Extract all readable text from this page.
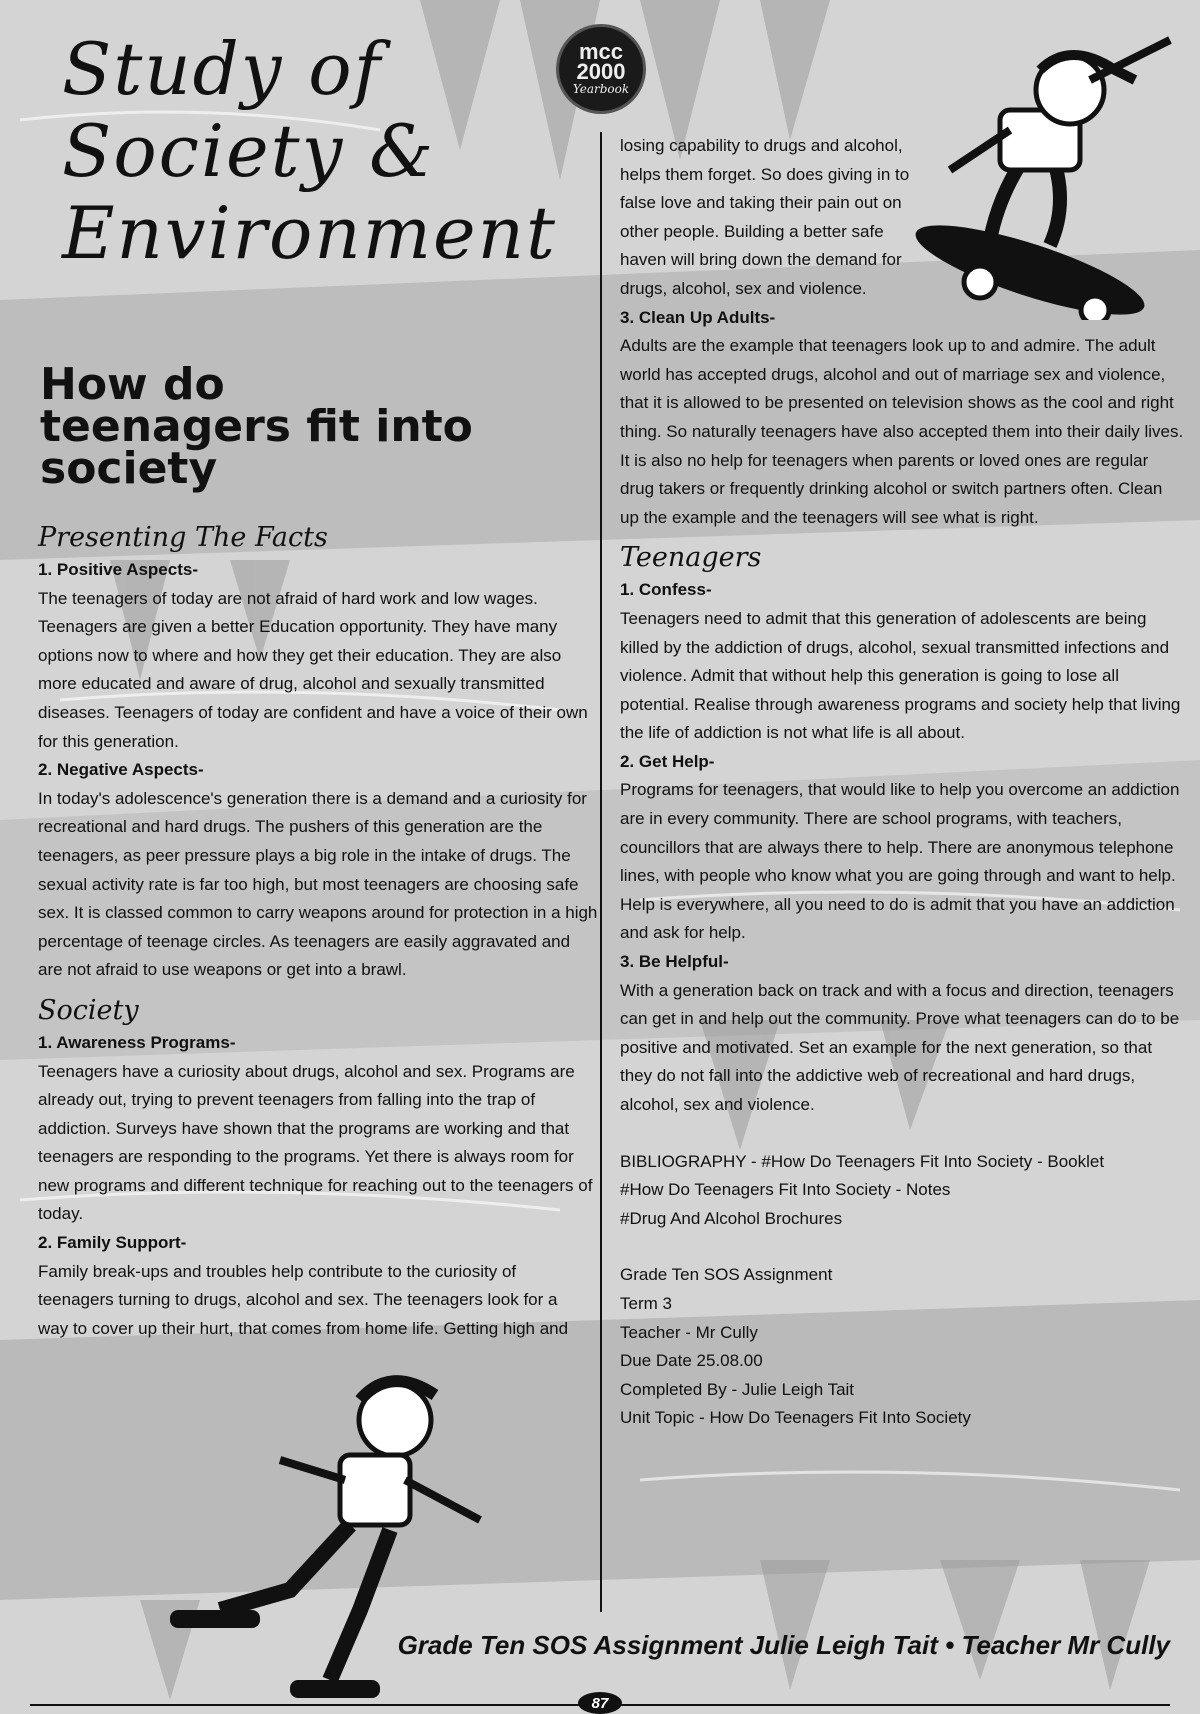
mcc
2000
Yearbook
Study of
Society &
Environment
How do
teenagers fit into
society
Presenting The Facts
1. Positive Aspects-

The teenagers of today are not afraid of hard work and low wages. Teenagers are given a better Education opportunity. They have many options now to where and how they get their education. They are also more educated and aware of drug, alcohol and sexually transmitted diseases. Teenagers of today are confident and have a voice of their own for this generation.

2. Negative Aspects-

In today's adolescence's generation there is a demand and a curiosity for recreational and hard drugs. The pushers of this generation are the teenagers, as peer pressure plays a big role in the intake of drugs. The sexual activity rate is far too high, but most teenagers are choosing safe sex. It is classed common to carry weapons around for protection in a high percentage of teenage circles. As teenagers are easily aggravated and are not afraid to use weapons or get into a brawl.

Society
1. Awareness Programs-

Teenagers have a curiosity about drugs, alcohol and sex. Programs are already out, trying to prevent teenagers from falling into the trap of addiction. Surveys have shown that the programs are working and that teenagers are responding to the programs. Yet there is always room for new programs and different technique for reaching out to the teenagers of today.

2. Family Support-

Family break-ups and troubles help contribute to the curiosity of teenagers turning to drugs, alcohol and sex. The teenagers look for a way to cover up their hurt, that comes from home life. Getting high and

losing capability to drugs and alcohol, helps them forget. So does giving in to false love and taking their pain out on other people. Building a better safe haven will bring down the demand for drugs, alcohol, sex and violence.

3. Clean Up Adults-

Adults are the example that teenagers look up to and admire. The adult world has accepted drugs, alcohol and out of marriage sex and violence, that it is allowed to be presented on television shows as the cool and right thing. So naturally teenagers have also accepted them into their daily lives. It is also no help for teenagers when parents or loved ones are regular drug takers or frequently drinking alcohol or switch partners often. Clean up the example and the teenagers will see what is right.

Teenagers
1. Confess-

Teenagers need to admit that this generation of adolescents are being killed by the addiction of drugs, alcohol, sexual transmitted infections and violence. Admit that without help this generation is going to lose all potential. Realise through awareness programs and society help that living the life of addiction is not what life is all about.

2. Get Help-

Programs for teenagers, that would like to help you overcome an addiction are in every community. There are school programs, with teachers, councillors that are always there to help. There are anonymous telephone lines, with people who know what you are going through and want to help. Help is everywhere, all you need to do is admit that you have an addiction and ask for help.

3. Be Helpful-

With a generation back on track and with a focus and direction, teenagers can get in and help out the community. Prove what teenagers can do to be positive and motivated. Set an example for the next generation, so that they do not fall into the addictive web of recreational and hard drugs, alcohol, sex and violence.

BIBLIOGRAPHY - #How Do Teenagers Fit Into Society - Booklet
#How Do Teenagers Fit Into Society - Notes
#Drug And Alcohol Brochures
Grade Ten SOS Assignment
Term 3
Teacher - Mr Cully
Due Date 25.08.00
Completed By - Julie Leigh Tait
Unit Topic - How Do Teenagers Fit Into Society
Grade Ten SOS Assignment Julie Leigh Tait • Teacher Mr Cully
87
